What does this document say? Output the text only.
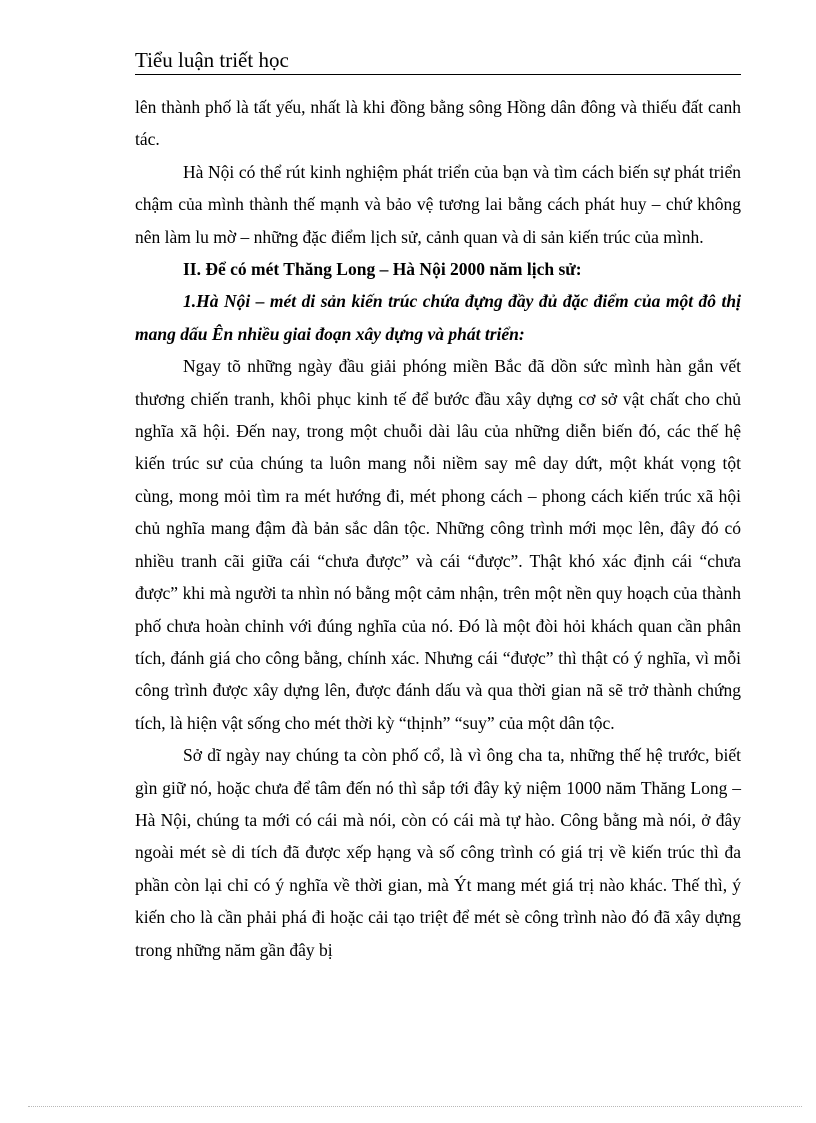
Tiểu luận triết học

lên thành phố là tất yếu, nhất là khi đồng bằng sông Hồng dân đông và thiếu đất canh tác.

Hà Nội có thể rút kinh nghiệm phát triển của bạn và tìm cách biến sự phát triển chậm của mình thành thế mạnh và bảo vệ tương lai bằng cách phát huy – chứ không nên làm lu mờ – những đặc điểm lịch sử, cảnh quan và di sản kiến trúc của mình.

II. Để có mét Thăng Long – Hà Nội 2000 năm lịch sử:

1.Hà Nội – mét di sản kiến trúc chứa đựng đầy đủ đặc điểm của một đô thị mang dấu Ên nhiều giai đoạn xây dựng và phát triển:

Ngay tõ những ngày đầu giải phóng miền Bắc đã dồn sức mình hàn gắn vết thương chiến tranh, khôi phục kinh tế để bước đầu xây dựng cơ sở vật chất cho chủ nghĩa xã hội. Đến nay, trong một chuỗi dài lâu của những diễn biến đó, các thế hệ kiến trúc sư của chúng ta luôn mang nỗi niềm say mê day dứt, một khát vọng tột cùng, mong mỏi tìm ra mét hướng đi, mét phong cách – phong cách kiến trúc xã hội chủ nghĩa mang đậm đà bản sắc dân tộc. Những công trình mới mọc lên, đây đó có nhiều tranh cãi giữa cái “chưa được” và cái “được”. Thật khó xác định cái “chưa được” khi mà người ta nhìn nó bằng một cảm nhận, trên một nền quy hoạch của thành phố chưa hoàn chỉnh với đúng nghĩa của nó. Đó là một đòi hỏi khách quan cần phân tích, đánh giá cho công bằng, chính xác. Nhưng cái “được” thì thật có ý nghĩa, vì mỗi công trình được xây dựng lên, được đánh dấu và qua thời gian nã sẽ trở thành chứng tích, là hiện vật sống cho mét thời kỳ “thịnh” “suy” của một dân tộc.

Sở dĩ ngày nay chúng ta còn phố cổ, là vì ông cha ta, những thế hệ trước, biết gìn giữ nó, hoặc chưa để tâm đến nó thì sắp tới đây kỷ niệm 1000 năm Thăng Long – Hà Nội, chúng ta mới có cái mà nói, còn có cái mà tự hào. Công bằng mà nói, ở đây ngoài mét sè di tích đã được xếp hạng và số công trình có giá trị về kiến trúc thì đa phần còn lại chỉ có ý nghĩa về thời gian, mà Ýt mang mét giá trị nào khác. Thế thì, ý kiến cho là cần phải phá đi hoặc cải tạo triệt để mét sè công trình nào đó đã xây dựng trong những năm gần đây bị
